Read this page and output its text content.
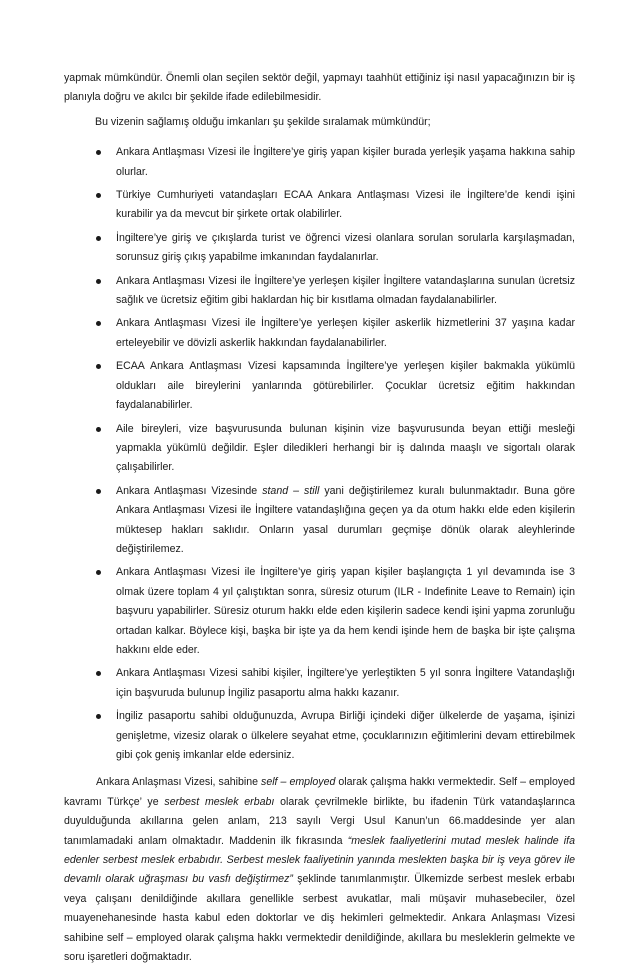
yapmak mümkündür. Önemli olan seçilen sektör değil, yapmayı taahhüt ettiğiniz işi nasıl yapacağınızın bir iş planıyla doğru ve akılcı bir şekilde ifade edilebilmesidir.

Bu vizenin sağlamış olduğu imkanları şu şekilde sıralamak mümkündür;

Ankara Antlaşması Vizesi ile İngiltere’ye giriş yapan kişiler burada yerleşik yaşama hakkına sahip olurlar.
Türkiye Cumhuriyeti vatandaşları ECAA Ankara Antlaşması Vizesi ile İngiltere’de kendi işini kurabilir ya da mevcut bir şirkete ortak olabilirler.
İngiltere’ye giriş ve çıkışlarda turist ve öğrenci vizesi olanlara sorulan sorularla karşılaşmadan, sorunsuz giriş çıkış yapabilme imkanından faydalanırlar.
Ankara Antlaşması Vizesi ile İngiltere’ye yerleşen kişiler İngiltere vatandaşlarına sunulan ücretsiz sağlık ve ücretsiz eğitim gibi haklardan hiç bir kısıtlama olmadan faydalanabilirler.
Ankara Antlaşması Vizesi ile İngiltere’ye yerleşen kişiler askerlik hizmetlerini 37 yaşına kadar erteleyebilir ve dövizli askerlik hakkından faydalanabilirler.
ECAA Ankara Antlaşması Vizesi kapsamında İngiltere’ye yerleşen kişiler bakmakla yükümlü oldukları aile bireylerini yanlarında götürebilirler. Çocuklar ücretsiz eğitim hakkından faydalanabilirler.
Aile bireyleri, vize başvurusunda bulunan kişinin vize başvurusunda beyan ettiği mesleği yapmakla yükümlü değildir. Eşler diledikleri herhangi bir iş dalında maaşlı ve sigortalı olarak çalışabilirler.
Ankara Antlaşması Vizesinde stand – still yani değiştirilemez kuralı bulunmaktadır. Buna göre Ankara Antlaşması Vizesi ile İngiltere vatandaşlığına geçen ya da otum hakkı elde eden kişilerin müktesep hakları saklıdır. Onların yasal durumları geçmişe dönük olarak aleyhlerinde değiştirilemez.
Ankara Antlaşması Vizesi ile İngiltere’ye giriş yapan kişiler başlangıçta 1 yıl devamında ise 3 olmak üzere toplam 4 yıl çalıştıktan sonra, süresiz oturum (ILR - Indefinite Leave to Remain) için başvuru yapabilirler. Süresiz oturum hakkı elde eden kişilerin sadece kendi işini yapma zorunluğu ortadan kalkar. Böylece kişi, başka bir işte ya da hem kendi işinde hem de başka bir işte çalışma hakkını elde eder.
Ankara Antlaşması Vizesi sahibi kişiler, İngiltere’ye yerleştikten 5 yıl sonra İngiltere Vatandaşlığı için başvuruda bulunup İngiliz pasaportu alma hakkı kazanır.
İngiliz pasaportu sahibi olduğunuzda, Avrupa Birliği içindeki diğer ülkelerde de yaşama, işinizi genişletme, vizesiz olarak o ülkelere seyahat etme, çocuklarınızın eğitimlerini devam ettirebilmek gibi çok geniş imkanlar elde edersiniz.

Ankara Anlaşması Vizesi, sahibine self – employed olarak çalışma hakkı vermektedir. Self – employed kavramı Türkçe’ ye serbest meslek erbabı olarak çevrilmekle birlikte, bu ifadenin Türk vatandaşlarınca duyulduğunda akıllarına gelen anlam, 213 sayılı Vergi Usul Kanun’un 66.maddesinde yer alan tanımlamadaki anlam olmaktadır. Maddenin ilk fıkrasında “meslek faaliyetlerini mutad meslek halinde ifa edenler serbest meslek erbabıdır. Serbest meslek faaliyetinin yanında meslekten başka bir iş veya görev ile devamlı olarak uğraşması bu vasfı değiştirmez” şeklinde tanımlanmıştır. Ülkemizde serbest meslek erbabı veya çalışanı denildiğinde akıllara genellikle serbest avukatlar, mali müşavir muhasebeciler, özel muayenehanesinde hasta kabul eden doktorlar ve diş hekimleri gelmektedir. Ankara Anlaşması Vizesi sahibine self – employed olarak çalışma hakkı vermektedir denildiğinde, akıllara bu mesleklerin gelmekte ve soru işaretleri doğmaktadır.
